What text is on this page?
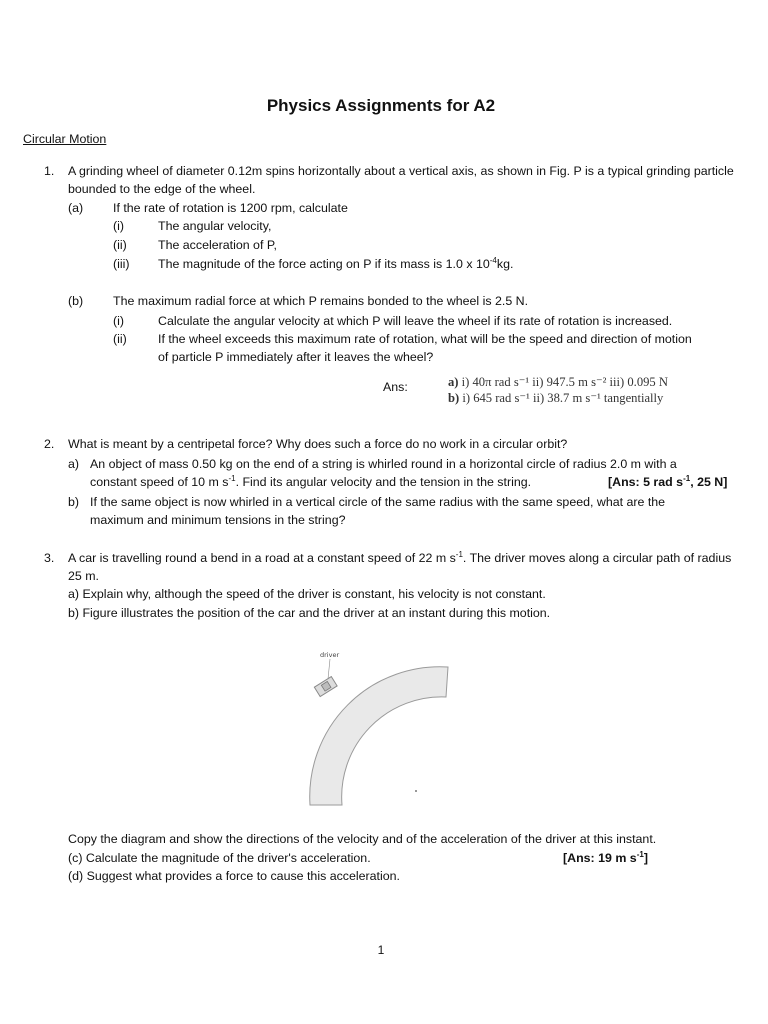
Physics Assignments for A2
Circular Motion
1. A grinding wheel of diameter 0.12m spins horizontally about a vertical axis, as shown in Fig. P is a typical grinding particle
bounded to the edge of the wheel.
(a) If the rate of rotation is 1200 rpm, calculate
(i)	The angular velocity,
(ii)	The acceleration of P,
(iii) The magnitude of the force acting on P if its mass is 1.0 x $10^{-4}kg$.
(b) The maximum radial force at which P remains bonded to the wheel is 2.5 N.
(i)	Calculate the angular velocity at which P will leave the wheel if its rate of rotation is increased.
(ii)	If the wheel exceeds this maximum rate of rotation, what will be the speed and direction of motion
of particle P immediately after it leaves the wheel?
Ans:	a) i) 40π rad s⁻¹ ii) 947.5 m s⁻² iii) 0.095 N
b) i) 645 rad s⁻¹ ii) 38.7 m s⁻¹ tangentially
2. What is meant by a centripetal force? Why does such a force do no work in a circular orbit?
a) An object of mass 0.50 kg on the end of a string is whirled round in a horizontal circle of radius 2.0 m with a
constant speed of 10 m $s^{-1}$. Find its angular velocity and the tension in the string.	[Ans: 5 rad $s^{-1}$, 25 N]
b) If the same object is now whirled in a vertical circle of the same radius with the same speed, what are the
maximum and minimum tensions in the string?
3. A car is travelling round a bend in a road at a constant speed of 22 m $s^{-1}$. The driver moves along a circular path of radius
25 m.
a) Explain why, although the speed of the driver is constant, his velocity is not constant.
b) Figure illustrates the position of the car and the driver at an instant during this motion.
driver
Copy the diagram and show the directions of the velocity and of the acceleration of the driver at this instant.
(c) Calculate the magnitude of the driver's acceleration.	[Ans: 19 m $s^{-1}$]
(d) Suggest what provides a force to cause this acceleration.
1
